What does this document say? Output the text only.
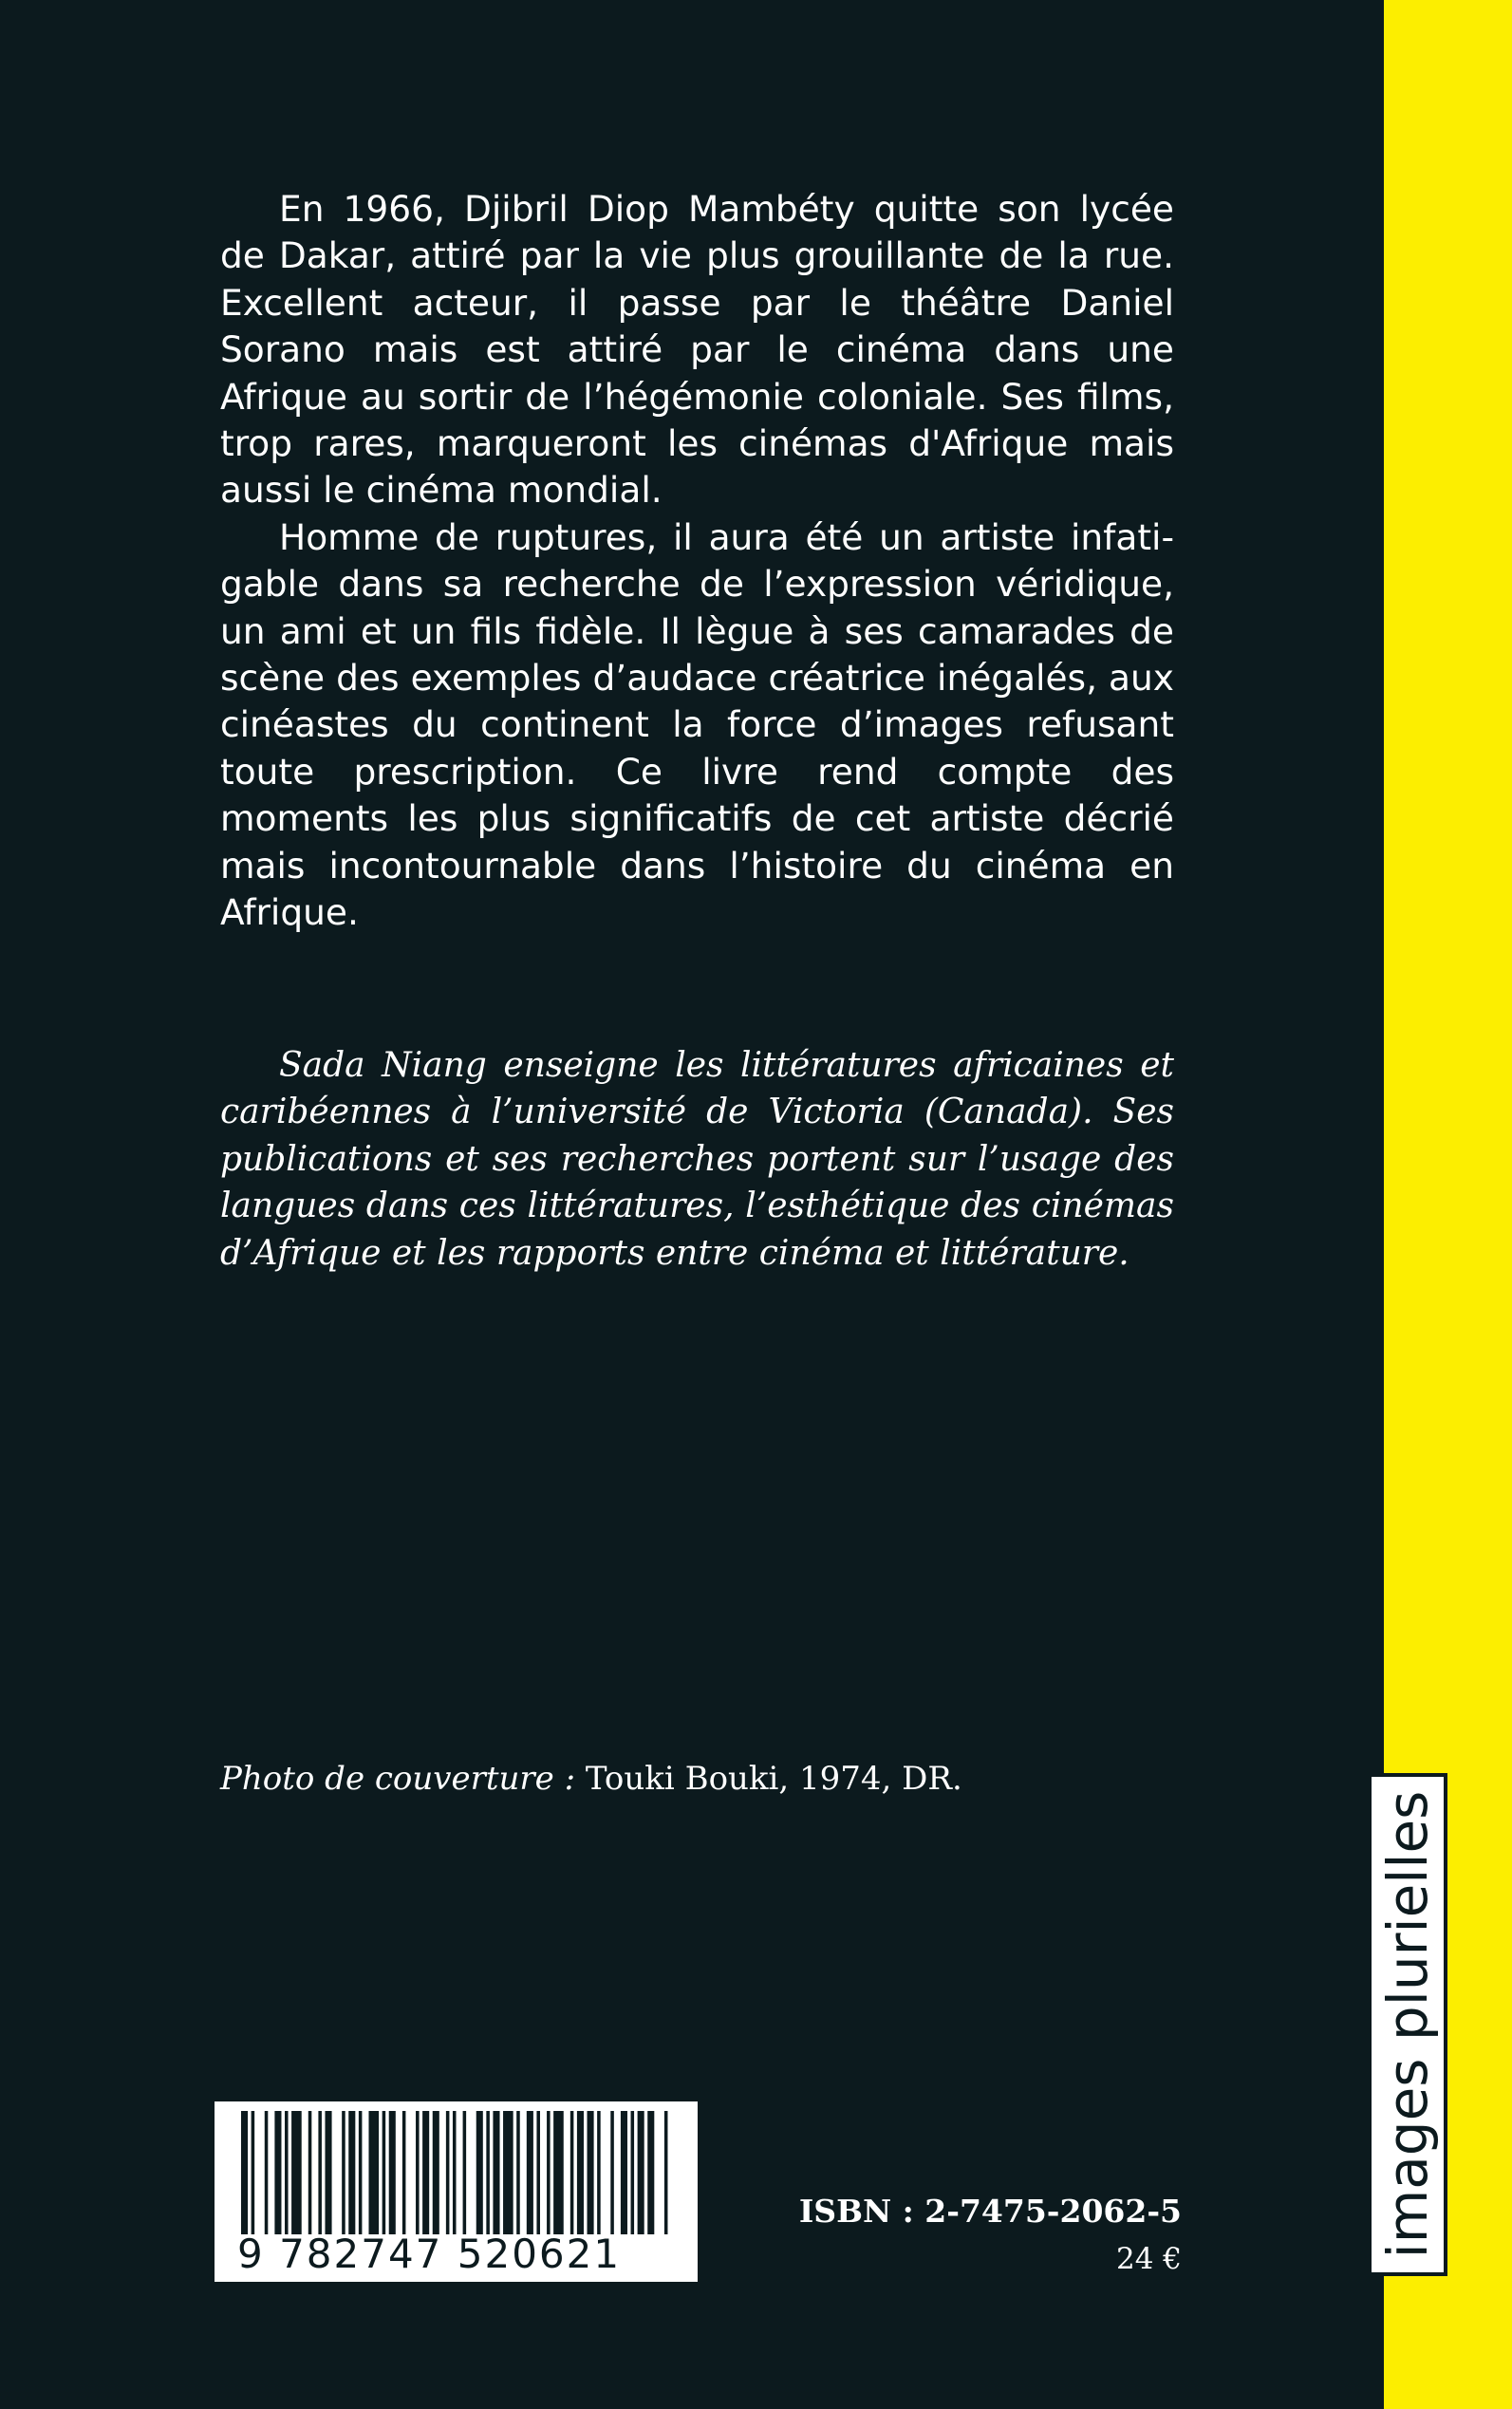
images plurielles

En 1966, Djibril Diop Mambéty quitte son lycée de Dakar, attiré par la vie plus grouillante de la rue. Excellent acteur, il passe par le théâtre Daniel Sorano mais est attiré par le cinéma dans une Afrique au sortir de l’hégémonie coloniale. Ses films, trop rares, marqueront les cinémas d'Afrique mais aussi le cinéma mondial.

Homme de ruptures, il aura été un artiste infatigable dans sa recherche de l’expression véridique, un ami et un fils fidèle. Il lègue à ses camarades de scène des exemples d’audace créatrice inégalés, aux cinéastes du continent la force d’images refusant toute prescription. Ce livre rend compte des moments les plus significatifs de cet artiste décrié mais incontournable dans l’histoire du cinéma en Afrique.

Sada Niang enseigne les littératures africaines et caribéennes à l’université de Victoria (Canada). Ses publications et ses recherches portent sur l’usage des langues dans ces littératures, l’esthétique des cinémas d’Afrique et les rapports entre cinéma et littérature.

Photo de couverture : Touki Bouki, 1974, DR.
9 782747 520621
ISBN : 2-7475-2062-5
24 €
